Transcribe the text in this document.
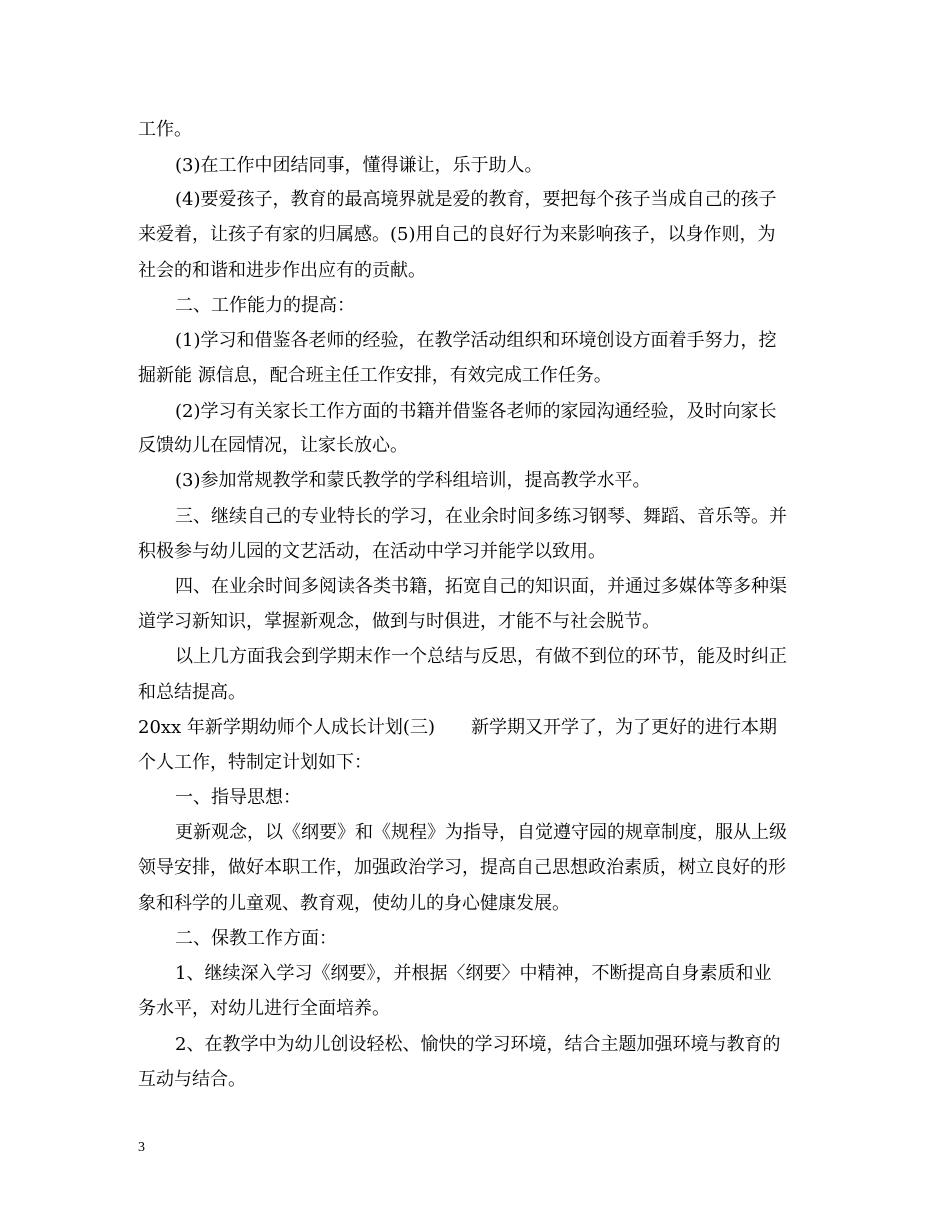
工作。
(3)在工作中团结同事，懂得谦让，乐于助人。
(4)要爱孩子，教育的最高境界就是爱的教育，要把每个孩子当成自己的孩子
来爱着，让孩子有家的归属感。(5)用自己的良好行为来影响孩子，以身作则，为
社会的和谐和进步作出应有的贡献。
二、工作能力的提高：
(1)学习和借鉴各老师的经验，在教学活动组织和环境创设方面着手努力，挖
掘新能 源信息，配合班主任工作安排，有效完成工作任务。
(2)学习有关家长工作方面的书籍并借鉴各老师的家园沟通经验，及时向家长
反馈幼儿在园情况，让家长放心。
(3)参加常规教学和蒙氏教学的学科组培训，提高教学水平。
三、继续自己的专业特长的学习，在业余时间多练习钢琴、舞蹈、音乐等。并
积极参与幼儿园的文艺活动，在活动中学习并能学以致用。
四、在业余时间多阅读各类书籍，拓宽自己的知识面，并通过多媒体等多种渠
道学习新知识，掌握新观念，做到与时俱进，才能不与社会脱节。
以上几方面我会到学期末作一个总结与反思，有做不到位的环节，能及时纠正
和总结提高。
20xx 年新学期幼师个人成长计划(三)　　新学期又开学了，为了更好的进行本期
个人工作，特制定计划如下：
一、指导思想：
更新观念，以《纲要》和《规程》为指导，自觉遵守园的规章制度，服从上级
领导安排，做好本职工作，加强政治学习，提高自己思想政治素质，树立良好的形
象和科学的儿童观、教育观，使幼儿的身心健康发展。
二、保教工作方面：
1、继续深入学习《纲要》，并根据〈纲要〉中精神，不断提高自身素质和业
务水平，对幼儿进行全面培养。
2、在教学中为幼儿创设轻松、愉快的学习环境，结合主题加强环境与教育的
互动与结合。
3
